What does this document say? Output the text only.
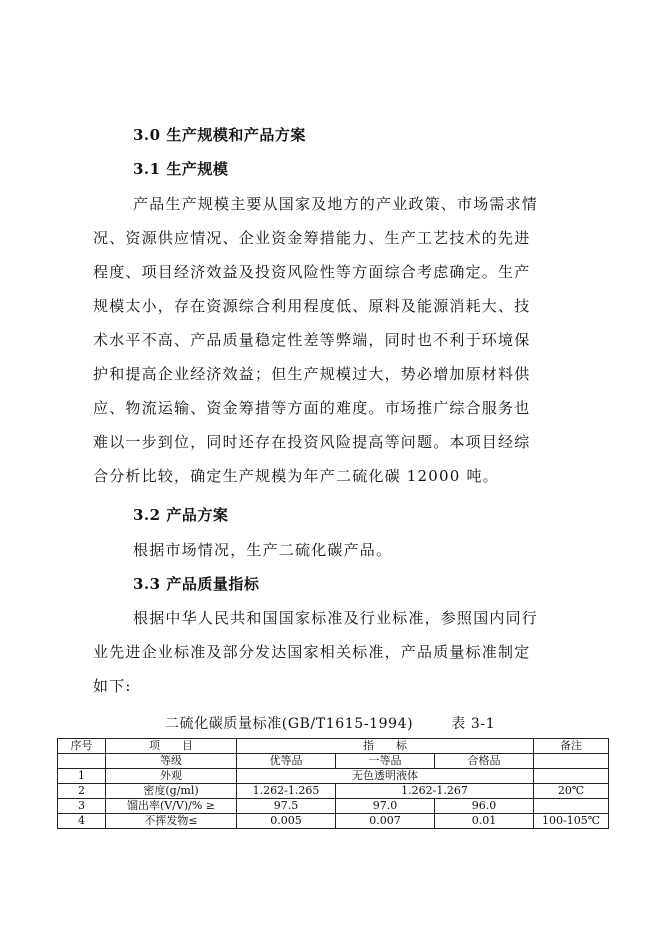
3.0 生产规模和产品方案
3.1 生产规模
产品生产规模主要从国家及地方的产业政策、市场需求情
况、资源供应情况、企业资金筹措能力、生产工艺技术的先进
程度、项目经济效益及投资风险性等方面综合考虑确定。生产
规模太小，存在资源综合利用程度低、原料及能源消耗大、技
术水平不高、产品质量稳定性差等弊端，同时也不利于环境保
护和提高企业经济效益；但生产规模过大，势必增加原材料供
应、物流运输、资金筹措等方面的难度。市场推广综合服务也
难以一步到位，同时还存在投资风险提高等问题。本项目经综
合分析比较，确定生产规模为年产二硫化碳 12000 吨。
3.2 产品方案
根据市场情况，生产二硫化碳产品。
3.3 产品质量指标
根据中华人民共和国国家标准及行业标准，参照国内同行
业先进企业标准及部分发达国家相关标准，产品质量标准制定
如下:
二硫化碳质量标准(GB/T1615-1994)	表 3-1
序号	项　　目	指　　标			备注
	等级	优等品	一等品	合格品	
1	外观	无色透明液体			
2	密度(g/ml)	1.262-1.265	1.262-1.267		20℃
3	馏出率(V/V)/% ≥	97.5	97.0	96.0	
4	不挥发物≤	0.005	0.007	0.01	100-105℃
